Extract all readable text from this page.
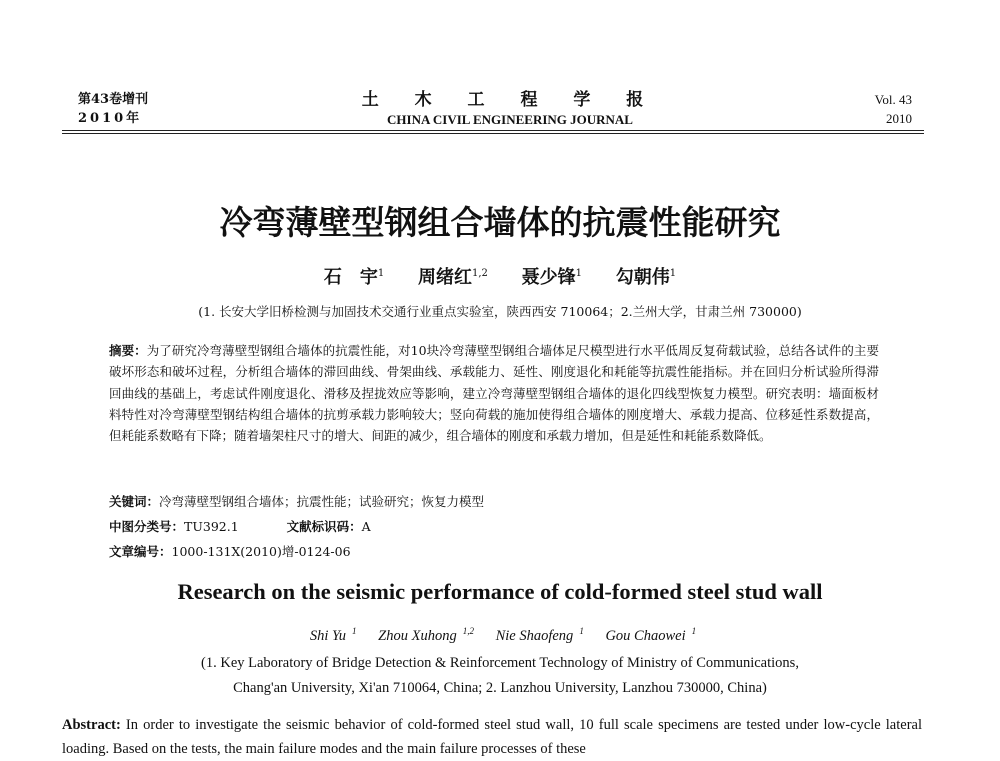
第43卷增刊
2010年
土 木 工 程 学 报
CHINA CIVIL ENGINEERING JOURNAL
Vol. 43
2010
冷弯薄壁型钢组合墙体的抗震性能研究
石　宇$^1$ 周绪红$^{1,2}$ 聂少锋$^1$ 勾朝伟$^1$
(1. 长安大学旧桥检测与加固技术交通行业重点实验室，陕西西安 710064；2.兰州大学，甘肃兰州 730000)
摘要：为了研究冷弯薄壁型钢组合墙体的抗震性能，对10块冷弯薄壁型钢组合墙体足尺模型进行水平低周反复荷载试验，总结各试件的主要破坏形态和破坏过程，分析组合墙体的滞回曲线、骨架曲线、承载能力、延性、刚度退化和耗能等抗震性能指标。并在回归分析试验所得滞回曲线的基础上，考虑试件刚度退化、滑移及捏拢效应等影响，建立冷弯薄壁型钢组合墙体的退化四线型恢复力模型。研究表明：墙面板材料特性对冷弯薄壁型钢结构组合墙体的抗剪承载力影响较大；竖向荷载的施加使得组合墙体的刚度增大、承载力提高、位移延性系数提高，但耗能系数略有下降；随着墙架柱尺寸的增大、间距的减少，组合墙体的刚度和承载力增加，但是延性和耗能系数降低。
关键词：冷弯薄壁型钢组合墙体；抗震性能；试验研究；恢复力模型
中图分类号：TU392.1	文献标识码：A
文章编号：1000-131X(2010)增-0124-06
Research on the seismic performance of cold-formed steel stud wall
Shi Yu $^1$ Zhou Xuhong $^{1,2}$ Nie Shaofeng $^1$ Gou Chaowei $^1$
(1. Key Laboratory of Bridge Detection & Reinforcement Technology of Ministry of Communications,
Chang'an University, Xi'an 710064, China; 2. Lanzhou University, Lanzhou 730000, China)
Abstract: In order to investigate the seismic behavior of cold-formed steel stud wall, 10 full scale specimens are tested under low-cycle lateral loading. Based on the tests, the main failure modes and the main failure processes of these
